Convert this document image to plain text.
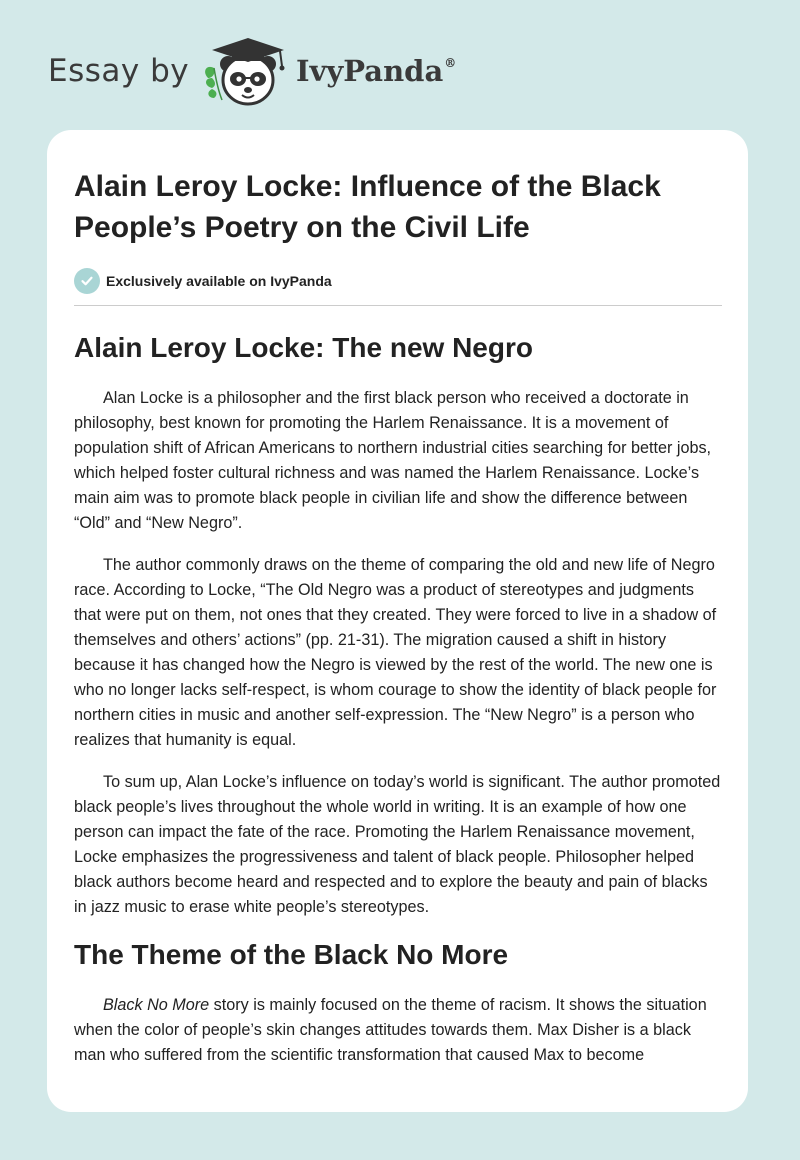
Essay by	IvyPanda®
Alain Leroy Locke: Influence of the Black People’s Poetry on the Civil Life
Exclusively available on IvyPanda
Alain Leroy Locke: The new Negro

Alan Locke is a philosopher and the first black person who received a doctorate in philosophy, best known for promoting the Harlem Renaissance. It is a movement of population shift of African Americans to northern industrial cities searching for better jobs, which helped foster cultural richness and was named the Harlem Renaissance. Locke’s main aim was to promote black people in civilian life and show the difference between “Old” and “New Negro”.

The author commonly draws on the theme of comparing the old and new life of Negro race. According to Locke, “The Old Negro was a product of stereotypes and judgments that were put on them, not ones that they created. They were forced to live in a shadow of themselves and others’ actions” (pp. 21-31). The migration caused a shift in history because it has changed how the Negro is viewed by the rest of the world. The new one is who no longer lacks self-respect, is whom courage to show the identity of black people for northern cities in music and another self-expression. The “New Negro” is a person who realizes that humanity is equal.

To sum up, Alan Locke’s influence on today’s world is significant. The author promoted black people’s lives throughout the whole world in writing. It is an example of how one person can impact the fate of the race. Promoting the Harlem Renaissance movement, Locke emphasizes the progressiveness and talent of black people. Philosopher helped black authors become heard and respected and to explore the beauty and pain of blacks in jazz music to erase white people’s stereotypes.

The Theme of the Black No More

Black No More story is mainly focused on the theme of racism. It shows the situation when the color of people’s skin changes attitudes towards them. Max Disher is a black man who suffered from the scientific transformation that caused Max to become
